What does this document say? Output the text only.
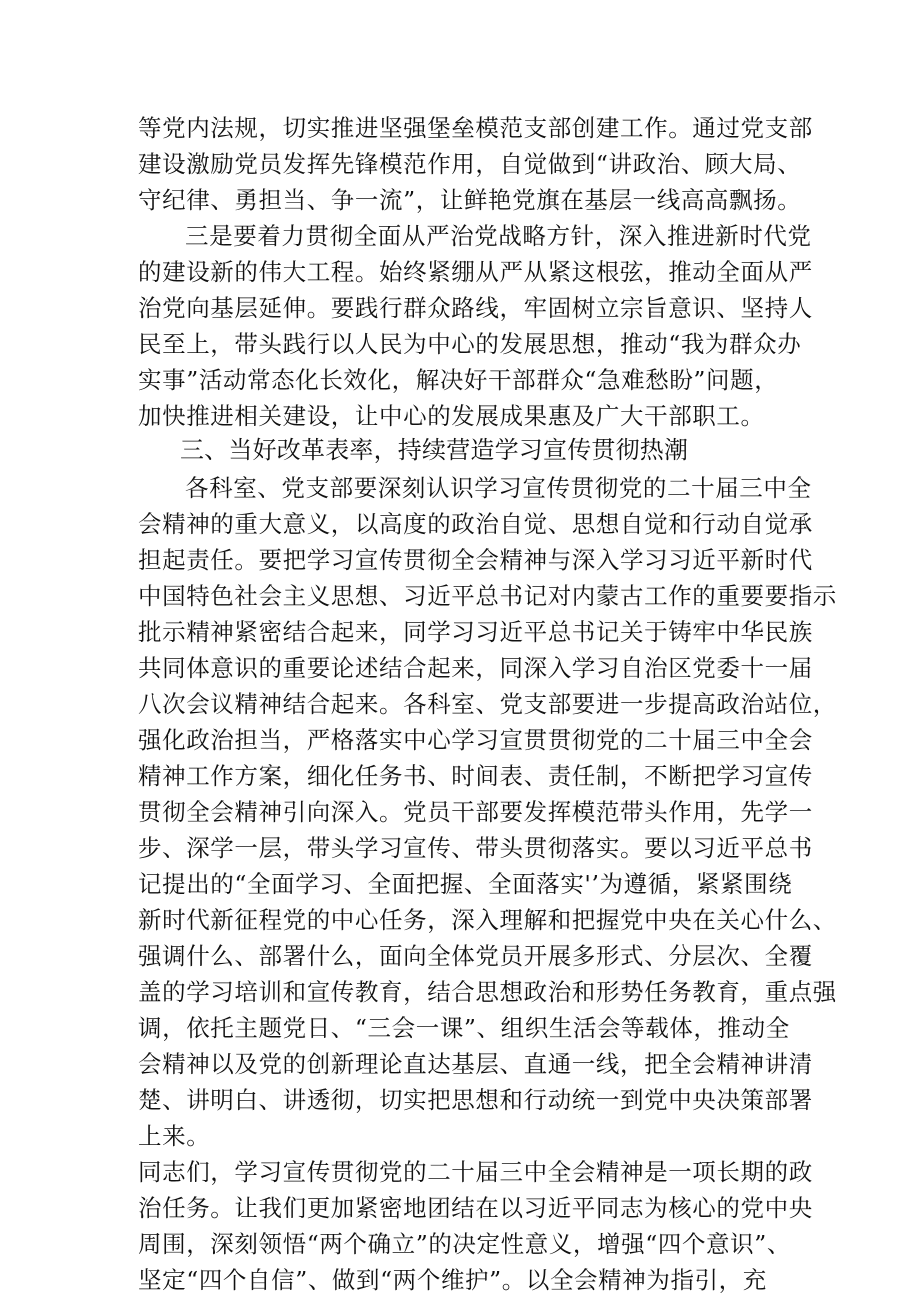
等党内法规，切实推进坚强堡垒模范支部创建工作。通过党支部
建设激励党员发挥先锋模范作用，自觉做到“讲政治、顾大局、
守纪律、勇担当、争一流”，让鲜艳党旗在基层一线高高飘扬。
三是要着力贯彻全面从严治党战略方针，深入推进新时代党
的建设新的伟大工程。始终紧绷从严从紧这根弦，推动全面从严
治党向基层延伸。要践行群众路线，牢固树立宗旨意识、坚持人
民至上，带头践行以人民为中心的发展思想，推动“我为群众办
实事”活动常态化长效化，解决好干部群众“急难愁盼”问题，
加快推进相关建设，让中心的发展成果惠及广大干部职工。
三、当好改革表率，持续营造学习宣传贯彻热潮
各科室、党支部要深刻认识学习宣传贯彻党的二十届三中全
会精神的重大意义，以高度的政治自觉、思想自觉和行动自觉承
担起责任。要把学习宣传贯彻全会精神与深入学习习近平新时代
中国特色社会主义思想、习近平总书记对内蒙古工作的重要要指示
批示精神紧密结合起来，同学习习近平总书记关于铸牢中华民族
共同体意识的重要论述结合起来，同深入学习自治区党委十一届
八次会议精神结合起来。各科室、党支部要进一步提高政治站位，
强化政治担当，严格落实中心学习宣贯贯彻党的二十届三中全会
精神工作方案，细化任务书、时间表、责任制，不断把学习宣传
贯彻全会精神引向深入。党员干部要发挥模范带头作用，先学一
步、深学一层，带头学习宣传、带头贯彻落实。要以习近平总书
记提出的“全面学习、全面把握、全面落实'’为遵循，紧紧围绕
新时代新征程党的中心任务，深入理解和把握党中央在关心什么、
强调什么、部署什么，面向全体党员开展多形式、分层次、全覆
盖的学习培训和宣传教育，结合思想政治和形势任务教育，重点强
调，依托主题党日、“三会一课”、组织生活会等载体，推动全
会精神以及党的创新理论直达基层、直通一线，把全会精神讲清
楚、讲明白、讲透彻，切实把思想和行动统一到党中央决策部署
上来。
同志们，学习宣传贯彻党的二十届三中全会精神是一项长期的政
治任务。让我们更加紧密地团结在以习近平同志为核心的党中央
周围，深刻领悟“两个确立”的决定性意义，增强“四个意识”、
坚定“四个自信”、做到“两个维护”。以全会精神为指引，充
